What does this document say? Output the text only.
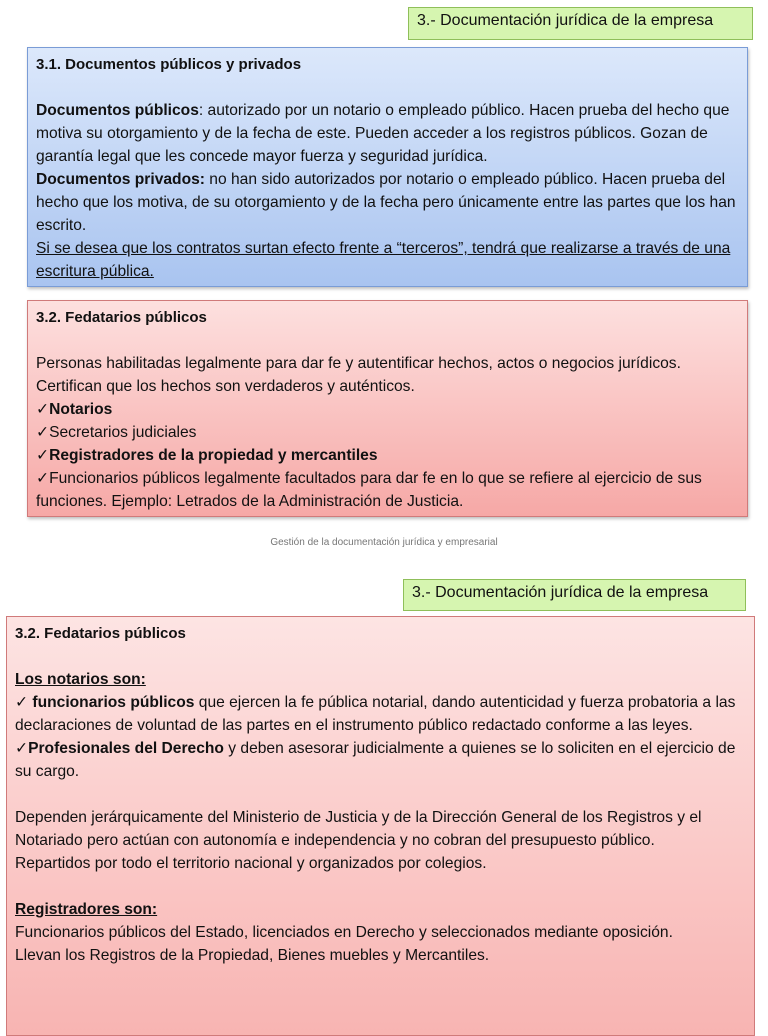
3.- Documentación jurídica de la empresa

3.1. Documentos públicos y privados

Documentos públicos: autorizado por un notario o empleado público. Hacen prueba del hecho que motiva su otorgamiento y de la fecha de este. Pueden acceder a los registros públicos. Gozan de garantía legal que les concede mayor fuerza y seguridad jurídica.

Documentos privados: no han sido autorizados por notario o empleado público. Hacen prueba del hecho que los motiva, de su otorgamiento y de la fecha pero únicamente entre las partes que los han escrito.

Si se desea que los contratos surtan efecto frente a “terceros”, tendrá que realizarse a través de una escritura pública.

3.2. Fedatarios públicos

Personas habilitadas legalmente para dar fe y autentificar hechos, actos o negocios jurídicos. Certifican que los hechos son verdaderos y auténticos.

✓Notarios

✓Secretarios judiciales

✓Registradores de la propiedad y mercantiles

✓Funcionarios públicos legalmente facultados para dar fe en lo que se refiere al ejercicio de sus funciones. Ejemplo: Letrados de la Administración de Justicia.

Gestión de la documentación jurídica y empresarial
3.- Documentación jurídica de la empresa

3.2. Fedatarios públicos

Los notarios son:

✓ funcionarios públicos que ejercen la fe pública notarial, dando autenticidad y fuerza probatoria a las declaraciones de voluntad de las partes en el instrumento público redactado conforme a las leyes.

✓Profesionales del Derecho y deben asesorar judicialmente a quienes se lo soliciten en el ejercicio de su cargo.

Dependen jerárquicamente del Ministerio de Justicia y de la Dirección General de los Registros y el Notariado pero actúan con autonomía e independencia y no cobran del presupuesto público.

Repartidos por todo el territorio nacional y organizados por colegios.

Registradores son:

Funcionarios públicos del Estado, licenciados en Derecho y seleccionados mediante oposición.

Llevan los Registros de la Propiedad, Bienes muebles y Mercantiles.
